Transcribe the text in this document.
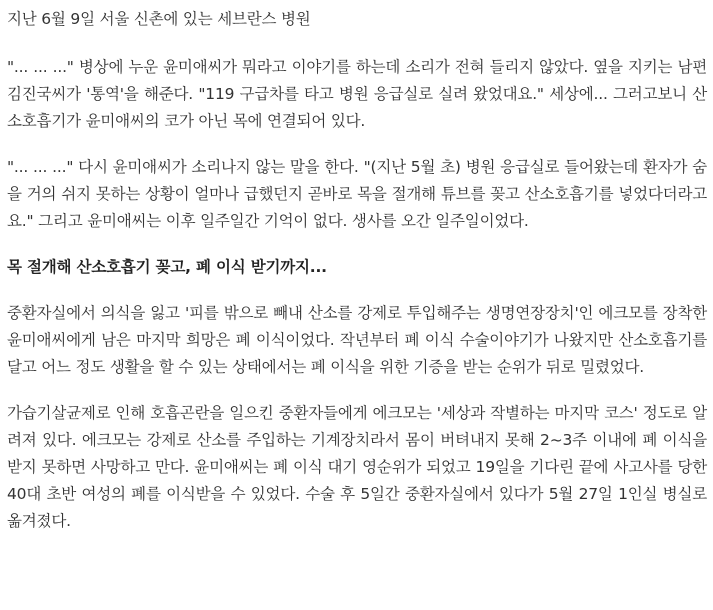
지난 6월 9일 서울 신촌에 있는 세브란스 병원

"... ... ..." 병상에 누운 윤미애씨가 뭐라고 이야기를 하는데 소리가 전혀 들리지 않았다. 옆을 지키는 남편 김진국씨가 '통역'을 해준다. "119 구급차를 타고 병원 응급실로 실려 왔었대요." 세상에... 그러고보니 산소호흡기가 윤미애씨의 코가 아닌 목에 연결되어 있다.

"... ... ..." 다시 윤미애씨가 소리나지 않는 말을 한다. "(지난 5월 초) 병원 응급실로 들어왔는데 환자가 숨을 거의 쉬지 못하는 상황이 얼마나 급했던지 곧바로 목을 절개해 튜브를 꽂고 산소호흡기를 넣었다더라고요." 그리고 윤미애씨는 이후 일주일간 기억이 없다. 생사를 오간 일주일이었다.

목 절개해 산소호흡기 꽂고, 폐 이식 받기까지...

중환자실에서 의식을 잃고 '피를 밖으로 빼내 산소를 강제로 투입해주는 생명연장장치'인 에크모를 장착한 윤미애씨에게 남은 마지막 희망은 폐 이식이었다. 작년부터 폐 이식 수술이야기가 나왔지만 산소호흡기를 달고 어느 정도 생활을 할 수 있는 상태에서는 폐 이식을 위한 기증을 받는 순위가 뒤로 밀렸었다.

가습기살균제로 인해 호흡곤란을 일으킨 중환자들에게 에크모는 '세상과 작별하는 마지막 코스' 정도로 알려져 있다. 에크모는 강제로 산소를 주입하는 기계장치라서 몸이 버텨내지 못해 2~3주 이내에 폐 이식을 받지 못하면 사망하고 만다. 윤미애씨는 폐 이식 대기 영순위가 되었고 19일을 기다린 끝에 사고사를 당한 40대 초반 여성의 폐를 이식받을 수 있었다. 수술 후 5일간 중환자실에서 있다가 5월 27일 1인실 병실로 옮겨졌다.
